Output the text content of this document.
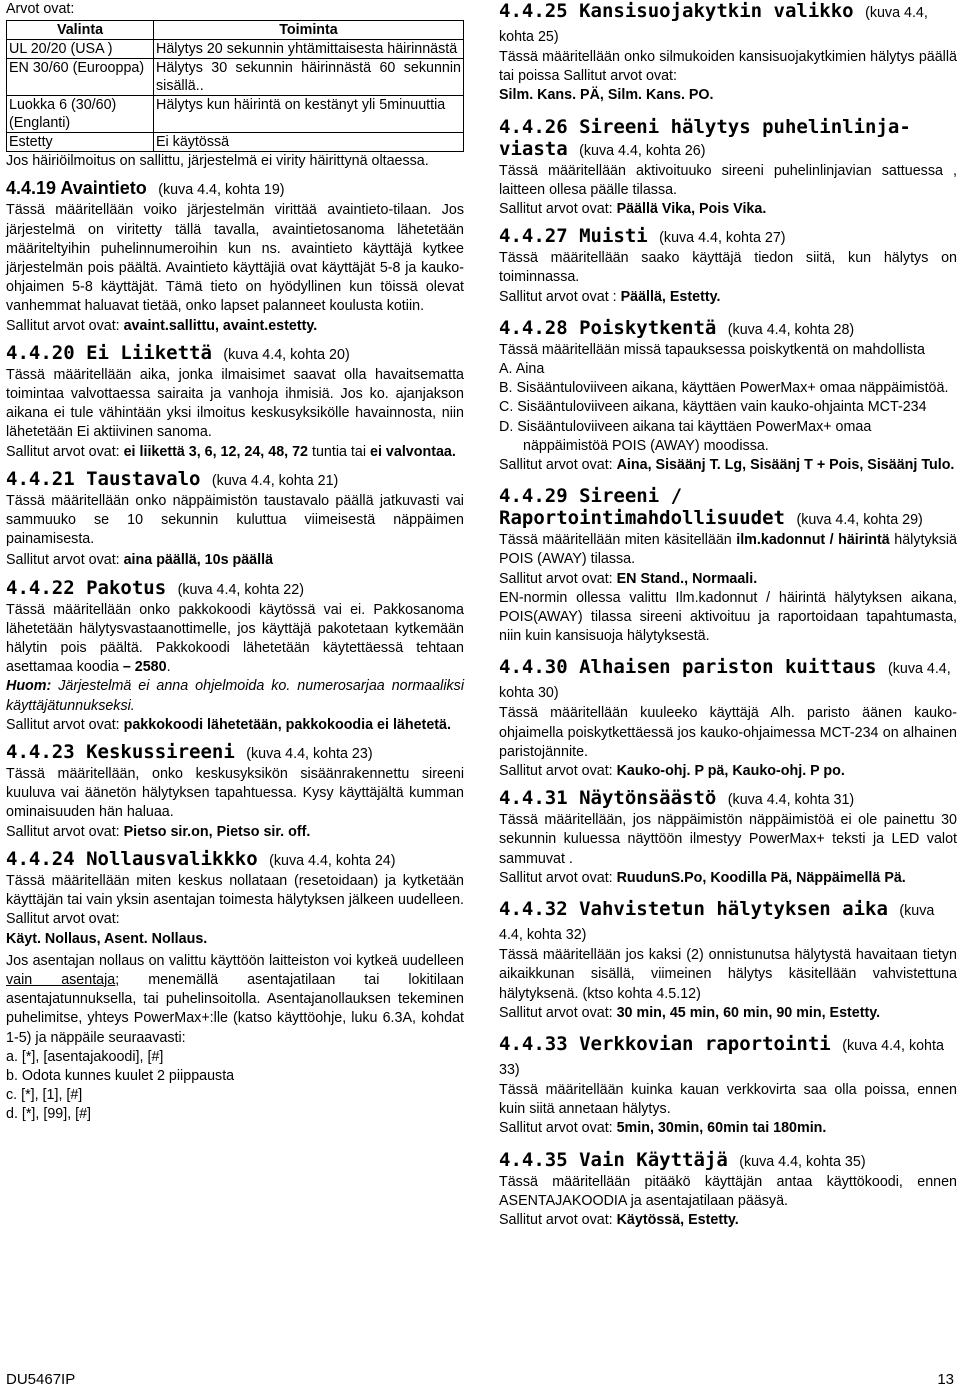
Arvot ovat:

Valinta	Toiminta
UL 20/20 (USA )	Hälytys 20 sekunnin yhtämittaisesta häirinnästä
EN 30/60 (Eurooppa)	Hälytys 30 sekunnin häirinnästä 60 sekunnin sisällä..
Luokka 6 (30/60) (Englanti)	Hälytys kun häirintä on kestänyt yli 5minuuttia
Estetty	Ei käytössä

Jos häiriöilmoitus on sallittu, järjestelmä ei virity häirittynä oltaessa.

4.4.19 Avaintieto (kuva 4.4, kohta 19)

Tässä määritellään voiko järjestelmän virittää avaintieto-tilaan. Jos järjestelmä on viritetty tällä tavalla, avaintietosanoma lähetetään määriteltyihin puhelinnumeroihin kun ns. avaintieto käyttäjä kytkee järjestelmän pois päältä. Avaintieto käyttäjiä ovat käyttäjät 5-8 ja kauko-ohjaimen 5-8 käyttäjät. Tämä tieto on hyödyllinen kun töissä olevat vanhemmat haluavat tietää, onko lapset palanneet koulusta kotiin.

Sallitut arvot ovat: avaint.sallittu, avaint.estetty.

4.4.20 Ei Liikettä (kuva 4.4, kohta 20)

Tässä määritellään aika, jonka ilmaisimet saavat olla havaitsematta toimintaa valvottaessa sairaita ja vanhoja ihmisiä. Jos ko. ajanjakson aikana ei tule vähintään yksi ilmoitus keskusyksikölle havainnosta, niin lähetetään Ei aktiivinen sanoma.

Sallitut arvot ovat: ei liikettä 3, 6, 12, 24, 48, 72 tuntia tai ei valvontaa.

4.4.21 Taustavalo (kuva 4.4, kohta 21)

Tässä määritellään onko näppäimistön taustavalo päällä jatkuvasti vai sammuuko se 10 sekunnin kuluttua viimeisestä näppäimen painamisesta.

Sallitut arvot ovat: aina päällä, 10s päällä

4.4.22 Pakotus (kuva 4.4, kohta 22)

Tässä määritellään onko pakkokoodi käytössä vai ei. Pakkosanoma lähetetään hälytysvastaanottimelle, jos käyttäjä pakotetaan kytkemään hälytin pois päältä. Pakkokoodi lähetetään käytettäessä tehtaan asettamaa koodia – 2580.

Huom: Järjestelmä ei anna ohjelmoida ko. numerosarjaa normaaliksi käyttäjätunnukseksi.

Sallitut arvot ovat: pakkokoodi lähetetään, pakkokoodia ei lähetetä.

4.4.23 Keskussireeni (kuva 4.4, kohta 23)

Tässä määritellään, onko keskusyksikön sisäänrakennettu sireeni kuuluva vai äänetön hälytyksen tapahtuessa. Kysy käyttäjältä kumman ominaisuuden hän haluaa.

Sallitut arvot ovat: Pietso sir.on, Pietso sir. off.

4.4.24 Nollausvalikkko (kuva 4.4, kohta 24)

Tässä määritellään miten keskus nollataan (resetoidaan) ja kytketään käyttäjän tai vain yksin asentajan toimesta hälytyksen jälkeen uudelleen. Sallitut arvot ovat:

Käyt. Nollaus, Asent. Nollaus.

Jos asentajan nollaus on valittu käyttöön laitteiston voi kytkeä uudelleen vain asentaja; menemällä asentajatilaan tai lokitilaan asentajatunnuksella, tai puhelinsoitolla. Asentajanollauksen tekeminen puhelimitse, yhteys PowerMax+:lle (katso käyttöohje, luku 6.3A, kohdat 1-5) ja näppäile seuraavasti:

a. [*], [asentajakoodi], [#]

b. Odota kunnes kuulet 2 piippausta

c. [*], [1], [#]

d. [*], [99], [#]

4.4.25 Kansisuojakytkin valikko (kuva 4.4, kohta 25)

Tässä määritellään onko silmukoiden kansisuojakytkimien hälytys päällä tai poissa Sallitut arvot ovat:

Silm. Kans. PÄ, Silm. Kans. PO.

4.4.26 Sireeni hälytys puhelinlinja-viasta (kuva 4.4, kohta 26)

Tässä määritellään aktivoituuko sireeni puhelinlinjavian sattuessa , laitteen ollesa päälle tilassa.

Sallitut arvot ovat: Päällä Vika, Pois Vika.

4.4.27 Muisti (kuva 4.4, kohta 27)

Tässä määritellään saako käyttäjä tiedon siitä, kun hälytys on toiminnassa.

Sallitut arvot ovat : Päällä, Estetty.

4.4.28 Poiskytkentä (kuva 4.4, kohta 28)

Tässä määritellään missä tapauksessa poiskytkentä on mahdollista

A. Aina

B. Sisääntuloviiveen aikana, käyttäen PowerMax+ omaa näppäimistöä.

C. Sisääntuloviiveen aikana, käyttäen vain kauko-ohjainta MCT-234

D. Sisääntuloviiveen aikana tai käyttäen PowerMax+ omaa näppäimistöä POIS (AWAY) moodissa.

Sallitut arvot ovat: Aina, Sisäänj T. Lg, Sisäänj T + Pois, Sisäänj Tulo.

4.4.29 Sireeni / Raportointimahdollisuudet (kuva 4.4, kohta 29)

Tässä määritellään miten käsitellään ilm.kadonnut / häirintä hälytyksiä POIS (AWAY) tilassa.

Sallitut arvot ovat: EN Stand., Normaali.

EN-normin ollessa valittu Ilm.kadonnut / häirintä hälytyksen aikana, POIS(AWAY) tilassa sireeni aktivoituu ja raportoidaan tapahtumasta, niin kuin kansisuoja hälytyksestä.

4.4.30 Alhaisen pariston kuittaus (kuva 4.4, kohta 30)

Tässä määritellään kuuleeko käyttäjä Alh. paristo äänen kauko-ohjaimella poiskytkettäessä jos kauko-ohjaimessa MCT-234 on alhainen paristojännite.

Sallitut arvot ovat: Kauko-ohj. P pä, Kauko-ohj. P po.

4.4.31 Näytönsäästö (kuva 4.4, kohta 31)

Tässä määritellään, jos näppäimistön näppäimistöä ei ole painettu 30 sekunnin kuluessa näyttöön ilmestyy PowerMax+ teksti ja LED valot sammuvat .

Sallitut arvot ovat: RuudunS.Po, Koodilla Pä, Näppäimellä Pä.

4.4.32 Vahvistetun hälytyksen aika (kuva 4.4, kohta 32)

Tässä määritellään jos kaksi (2) onnistunutsa hälytystä havaitaan tietyn aikaikkunan sisällä, viimeinen hälytys käsitellään vahvistettuna hälytyksenä. (ktso kohta 4.5.12)

Sallitut arvot ovat: 30 min, 45 min, 60 min, 90 min, Estetty.

4.4.33 Verkkovian raportointi (kuva 4.4, kohta 33)

Tässä määritellään kuinka kauan verkkovirta saa olla poissa, ennen kuin siitä annetaan hälytys.

Sallitut arvot ovat: 5min, 30min, 60min tai 180min.

4.4.35 Vain Käyttäjä (kuva 4.4, kohta 35)

Tässä määritellään pitääkö käyttäjän antaa käyttökoodi, ennen ASENTAJAKOODIA ja asentajatilaan pääsyä.

Sallitut arvot ovat: Käytössä, Estetty.

DU5467IP	13
